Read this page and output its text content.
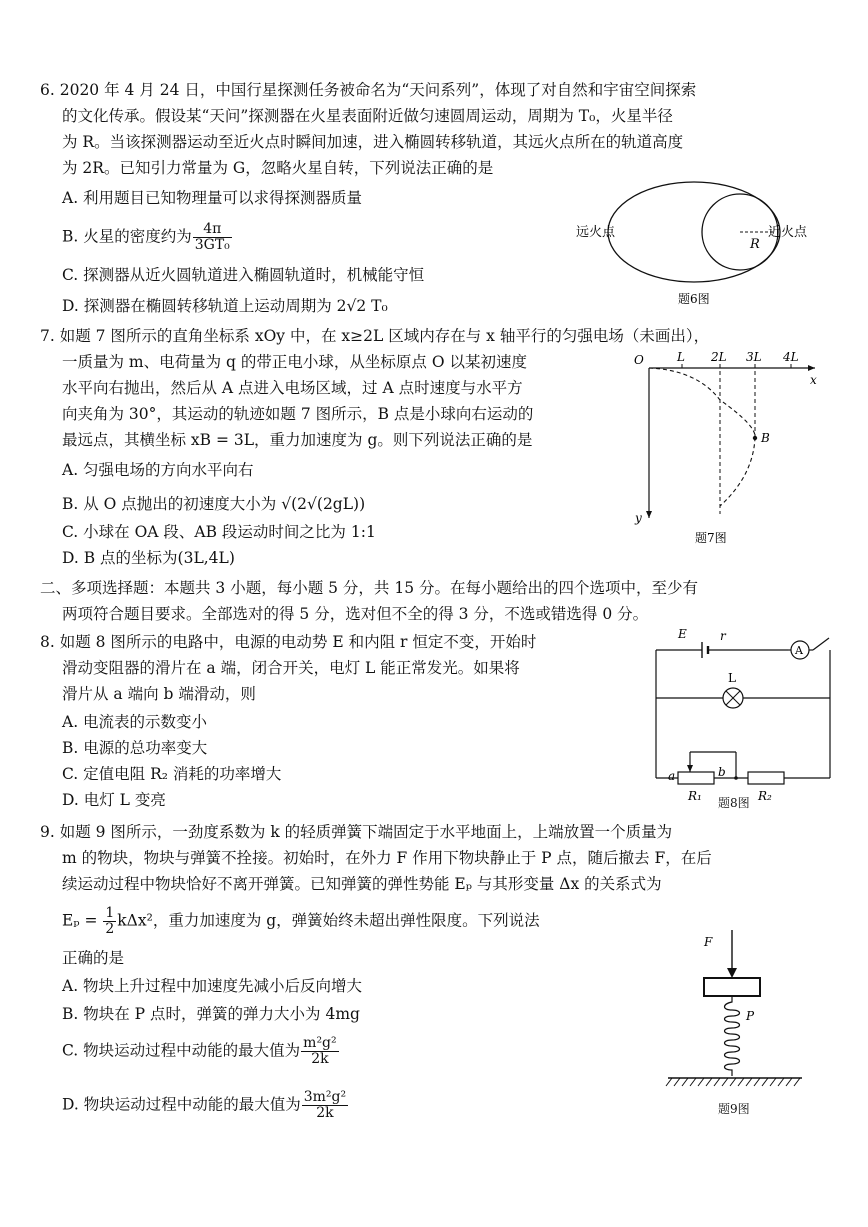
6. 2020 年 4 月 24 日，中国行星探测任务被命名为“天问系列”，体现了对自然和宇宙空间探索
的文化传承。假设某“天问”探测器在火星表面附近做匀速圆周运动，周期为 T₀，火星半径
为 R。当该探测器运动至近火点时瞬间加速，进入椭圆转移轨道，其远火点所在的轨道高度
为 2R。已知引力常量为 G，忽略火星自转，下列说法正确的是
A. 利用题目已知物理量可以求得探测器质量
B. 火星的密度约为 $\frac{4\pi}{\text{3GT₀}}$
C. 探测器从近火圆轨道进入椭圆轨道时，机械能守恒
D. 探测器在椭圆转移轨道上运动周期为 2√2 T₀
远火点	近火点
R
题6图
7. 如题 7 图所示的直角坐标系 xOy 中，在 x≥2L 区域内存在与 x 轴平行的匀强电场（未画出），
一质量为 m、电荷量为 q 的带正电小球，从坐标原点 O 以某初速度
水平向右抛出，然后从 A 点进入电场区域，过 A 点时速度与水平方
向夹角为 30°，其运动的轨迹如题 7 图所示，B 点是小球向右运动的
最远点，其横坐标 xB = 3L，重力加速度为 g。则下列说法正确的是
A. 匀强电场的方向水平向右
B. 从 O 点抛出的初速度大小为 √(2√(2gL))
C. 小球在 OA 段、AB 段运动时间之比为 1:1
D. B 点的坐标为(3L,4L)
O	L 2L 3L 4L
x
y
B
题7图
二、多项选择题：本题共 3 小题，每小题 5 分，共 15 分。在每小题给出的四个选项中，至少有
两项符合题目要求。全部选对的得 5 分，选对但不全的得 3 分，不选或错选得 0 分。
8. 如题 8 图所示的电路中，电源的电动势 E 和内阻 r 恒定不变，开始时
滑动变阻器的滑片在 a 端，闭合开关，电灯 L 能正常发光。如果将
滑片从 a 端向 b 端滑动，则
A. 电流表的示数变小
B. 电源的总功率变大
C. 定值电阻 R₂ 消耗的功率增大
D. 电灯 L 变亮
E	r
A
L
a
R₁
b
R₂
题8图
9. 如题 9 图所示，一劲度系数为 k 的轻质弹簧下端固定于水平地面上，上端放置一个质量为
m 的物块，物块与弹簧不拴接。初始时，在外力 F 作用下物块静止于 P 点，随后撤去 F，在后
续运动过程中物块恰好不离开弹簧。已知弹簧的弹性势能 Eₚ 与其形变量 Δx 的关系式为
$E_p = \frac{1}{2} k\Delta x^2$，重力加速度为 g，弹簧始终未超出弹性限度。下列说法
正确的是
A. 物块上升过程中加速度先减小后反向增大
B. 物块在 P 点时，弹簧的弹力大小为 4mg
C. 物块运动过程中动能的最大值为 $\frac{\text{m²g²}}{2k}$
D. 物块运动过程中动能的最大值为 $\frac{\text{3m²g²}}{2k}$
F
P
题9图
